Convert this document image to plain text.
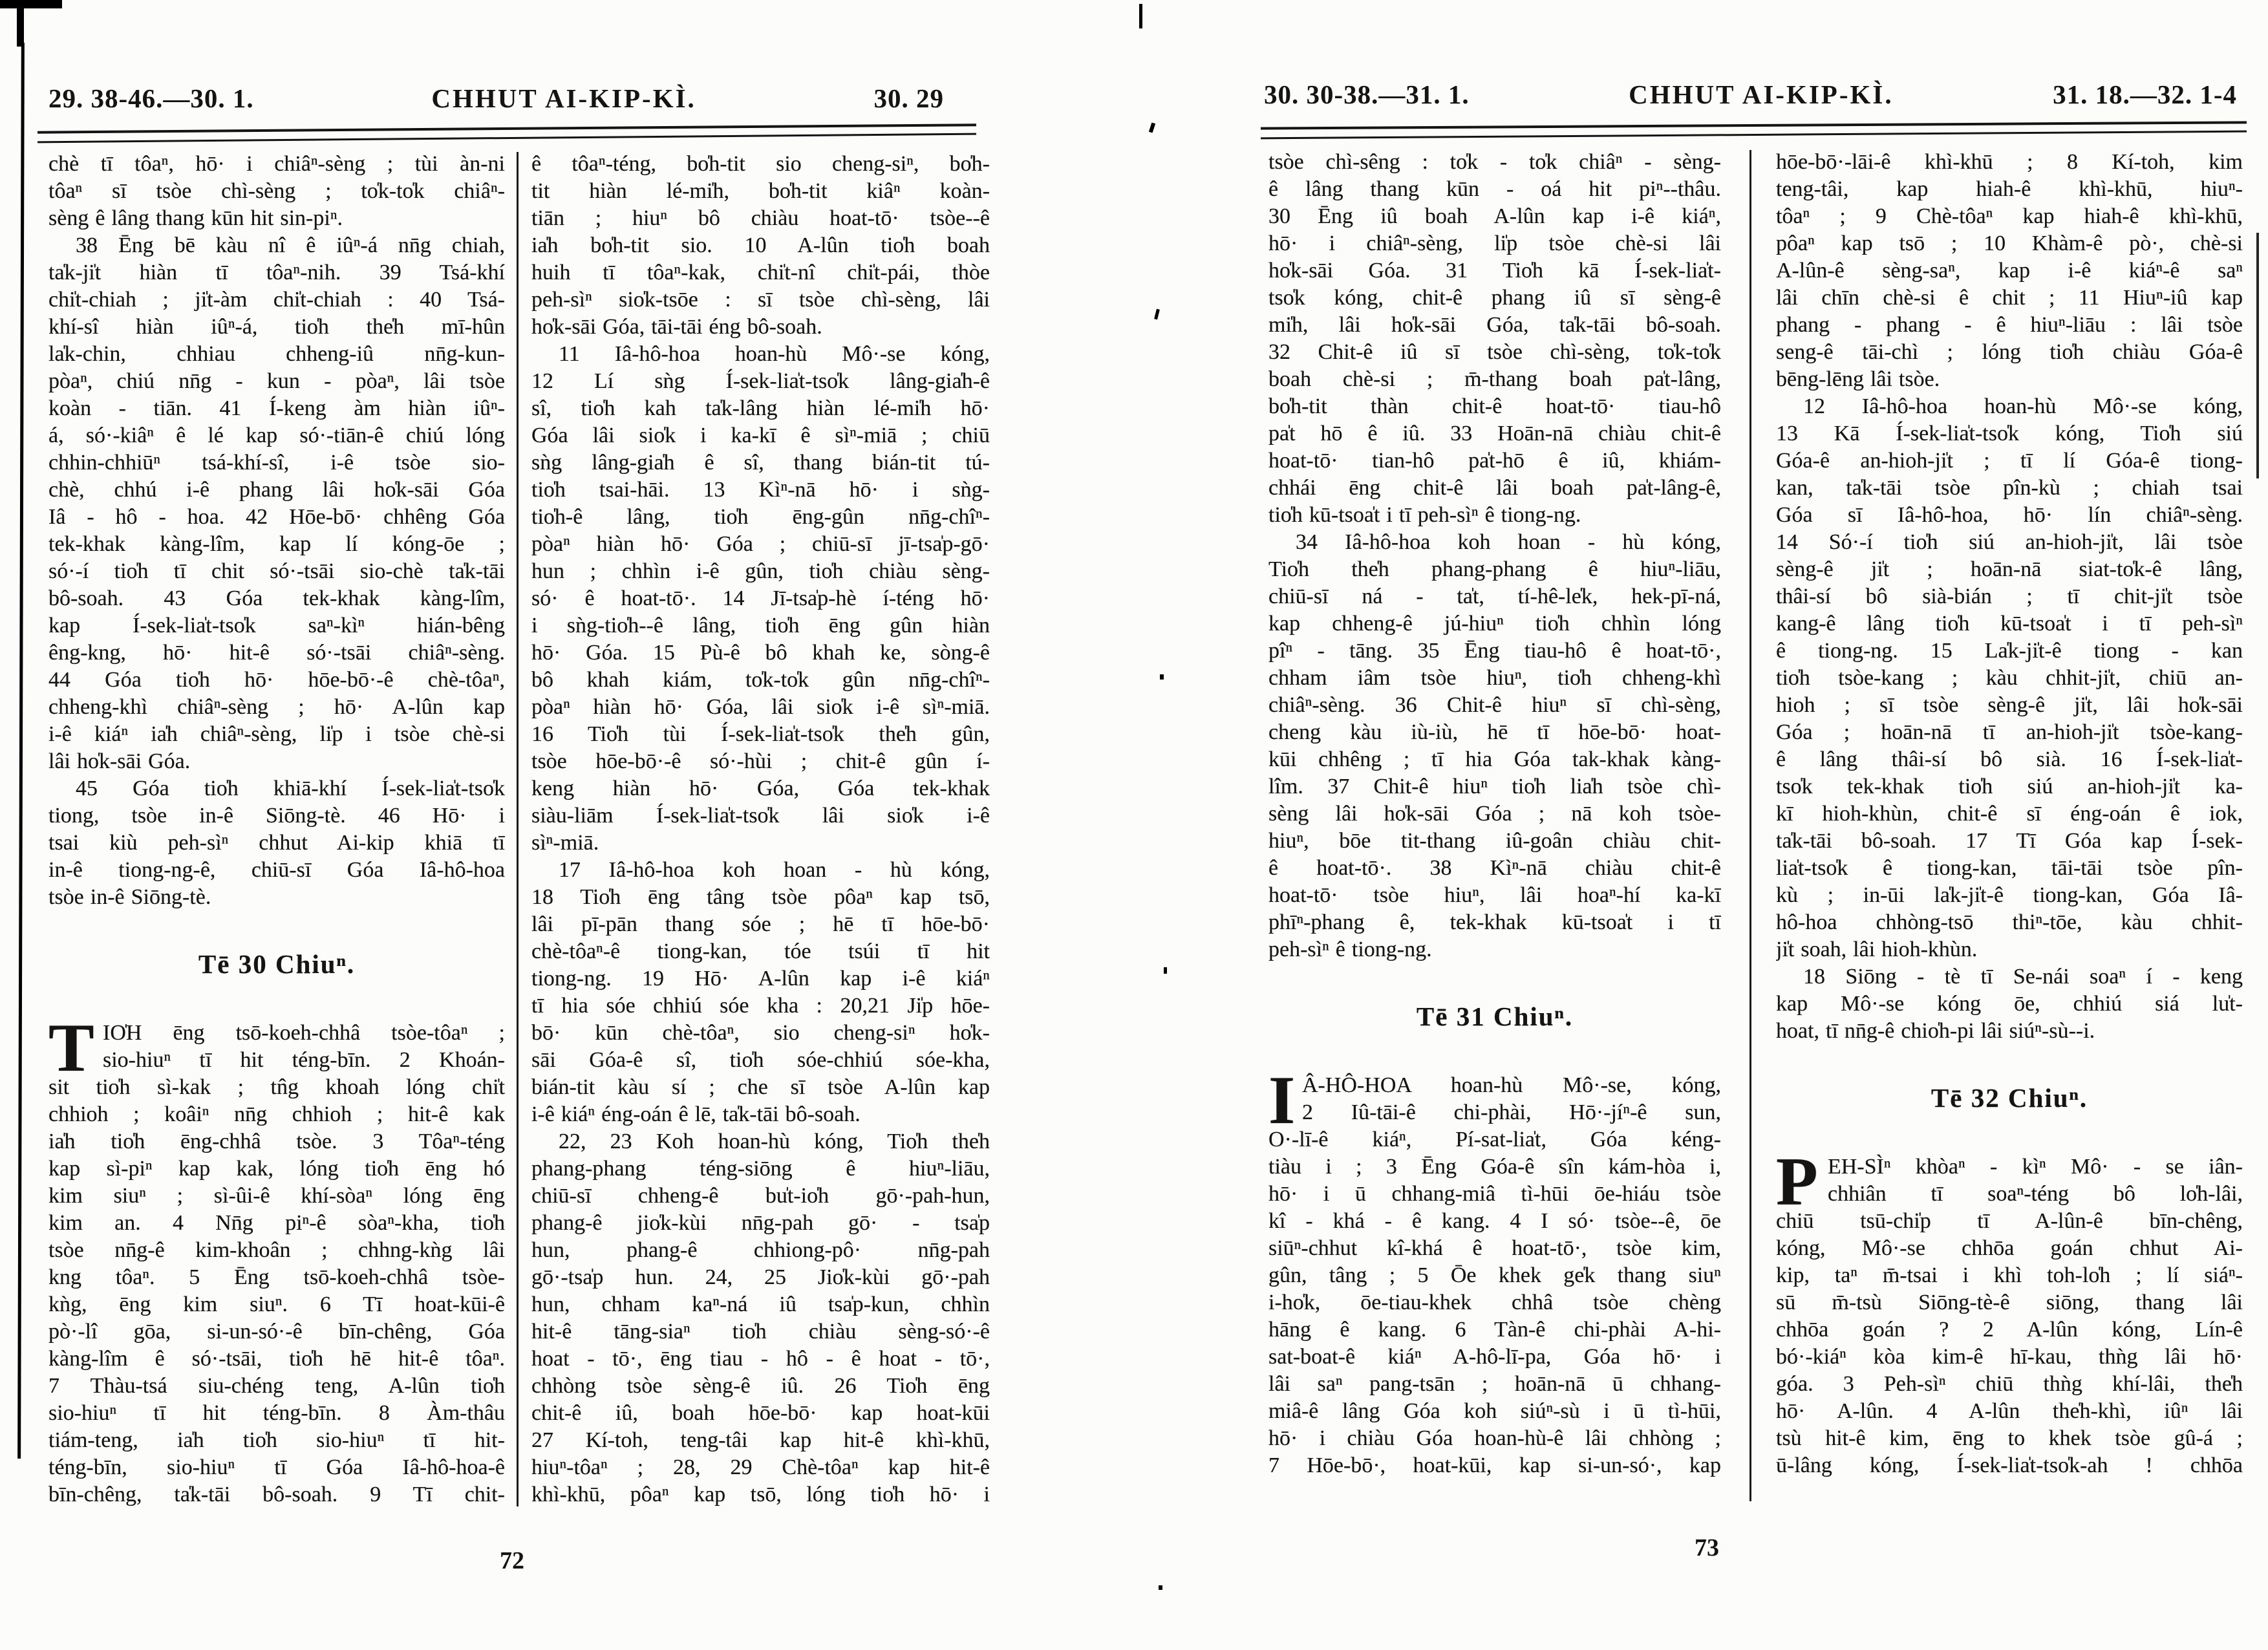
29. 38-46.—30. 1.	CHHUT AI-KIP-KÌ.	30. 29
chè tī tôaⁿ, hō· i chiâⁿ-sèng ; tùi àn-ni
tôaⁿ sī tsòe chì-sèng ; to̍k-to̍k chiâⁿ-
sèng ê lâng thang kūn hit sin-piⁿ.
38 Ēng bē kàu nî ê iûⁿ-á nn̄g chiah,
ta̍k-ji̍t hiàn tī tôaⁿ-nih. 39 Tsá-khí
chi̍t-chiah ; ji̍t-àm chi̍t-chiah : 40 Tsá-
khí-sî hiàn iûⁿ-á, tio̍h the̍h mī-hûn
la̍k-chin, chhiau chheng-iû nn̄g-kun-
pòaⁿ, chiú nn̄g - kun - pòaⁿ, lâi tsòe
koàn - tiān. 41 Í-keng àm hiàn iûⁿ-
á, só·-kiâⁿ ê lé kap só·-tiān-ê chiú lóng
chhin-chhiūⁿ tsá-khí-sî, i-ê tsòe sio-
chè, chhú i-ê phang lâi ho̍k-sāi Góa
Iâ - hô - hoa. 42 Hōe-bō· chhêng Góa
tek-khak kàng-lîm, kap lí kóng-ōe ;
só·-í tio̍h tī chit só·-tsāi sio-chè ta̍k-tāi
bô-soah. 43 Góa tek-khak kàng-lîm,
kap Í-sek-lia̍t-tso̍k saⁿ-kìⁿ hián-bêng
êng-kng, hō· hit-ê só·-tsāi chiâⁿ-sèng.
44 Góa tio̍h hō· hōe-bō·-ê chè-tôaⁿ,
chheng-khì chiâⁿ-sèng ; hō· A-lûn kap
i-ê kiáⁿ ia̍h chiâⁿ-sèng, li̍p i tsòe chè-si
lâi ho̍k-sāi Góa.
45 Góa tio̍h khiā-khí Í-sek-lia̍t-tso̍k
tiong, tsòe in-ê Siōng-tè. 46 Hō· i
tsai kiù peh-sìⁿ chhut Ai-kip khiā tī
in-ê tiong-ng-ê, chiū-sī Góa Iâ-hô-hoa
tsòe in-ê Siōng-tè.
Tē 30 Chiuⁿ.
T IO̍H ēng tsō-koeh-chhâ tsòe-tôaⁿ ;
sio-hiuⁿ tī hit téng-bīn. 2 Khoán-
sit tio̍h sì-kak ; tn̂g khoah lóng chi̍t
chhioh ; koâiⁿ nn̄g chhioh ; hit-ê kak
ia̍h tio̍h ēng-chhâ tsòe. 3 Tôaⁿ-téng
kap sì-piⁿ kap kak, lóng tio̍h ēng hó
kim siuⁿ ; sì-ûi-ê khí-sòaⁿ lóng ēng
kim an. 4 Nn̄g piⁿ-ê sòaⁿ-kha, tio̍h
tsòe nn̄g-ê kim-khoân ; chhng-kǹg lâi
kng tôaⁿ. 5 Ēng tsō-koeh-chhâ tsòe-
kǹg, ēng kim siuⁿ. 6 Tī hoat-kūi-ê
pò·-lî gōa, si-un-só·-ê bīn-chêng, Góa
kàng-lîm ê só·-tsāi, tio̍h hē hit-ê tôaⁿ.
7 Thàu-tsá siu-chéng teng, A-lûn tio̍h
sio-hiuⁿ tī hit téng-bīn. 8 Àm-thâu
tiám-teng, ia̍h tio̍h sio-hiuⁿ tī hit-
téng-bīn, sio-hiuⁿ tī Góa Iâ-hô-hoa-ê
bīn-chêng, ta̍k-tāi bô-soah. 9 Tī chit-
ê tôaⁿ-téng, bo̍h-tit sio cheng-siⁿ, bo̍h-
tit hiàn lé-mi̍h, bo̍h-tit kiâⁿ koàn-
tiān ; hiuⁿ bô chiàu hoat-tō· tsòe--ê
ia̍h bo̍h-tit sio. 10 A-lûn tio̍h boah
huih tī tôaⁿ-kak, chi̍t-nî chi̍t-pái, thòe
peh-sìⁿ sio̍k-tsōe : sī tsòe chì-sèng, lâi
ho̍k-sāi Góa, tāi-tāi éng bô-soah.
11 Iâ-hô-hoa hoan-hù Mô·-se kóng,
12 Lí sǹg Í-sek-lia̍t-tso̍k lâng-gia̍h-ê
sî, tio̍h kah ta̍k-lâng hiàn lé-mi̍h hō·
Góa lâi sio̍k i ka-kī ê sìⁿ-miā ; chiū
sǹg lâng-gia̍h ê sî, thang bián-tit tú-
tio̍h tsai-hāi. 13 Kìⁿ-nā hō· i sǹg-
tio̍h-ê lâng, tio̍h ēng-gûn nn̄g-chîⁿ-
pòaⁿ hiàn hō· Góa ; chiū-sī jī-tsa̍p-gō·
hun ; chhìn i-ê gûn, tio̍h chiàu sèng-
só· ê hoat-tō·. 14 Jī-tsa̍p-hè í-téng hō·
i sǹg-tio̍h--ê lâng, tio̍h ēng gûn hiàn
hō· Góa. 15 Pù-ê bô khah ke, sòng-ê
bô khah kiám, to̍k-to̍k gûn nn̄g-chîⁿ-
pòaⁿ hiàn hō· Góa, lâi sio̍k i-ê sìⁿ-miā.
16 Tio̍h tùi Í-sek-lia̍t-tso̍k the̍h gûn,
tsòe hōe-bō·-ê só·-hùi ; chit-ê gûn í-
keng hiàn hō· Góa, Góa tek-khak
siàu-liām Í-sek-lia̍t-tso̍k lâi sio̍k i-ê
sìⁿ-miā.
17 Iâ-hô-hoa koh hoan - hù kóng,
18 Tio̍h ēng tâng tsòe pôaⁿ kap tsō,
lâi pī-pān thang sóe ; hē tī hōe-bō·
chè-tôaⁿ-ê tiong-kan, tóe tsúi tī hit
tiong-ng. 19 Hō· A-lûn kap i-ê kiáⁿ
tī hia sóe chhiú sóe kha : 20,21 Ji̍p hōe-
bō· kūn chè-tôaⁿ, sio cheng-siⁿ ho̍k-
sāi Góa-ê sî, tio̍h sóe-chhiú sóe-kha,
bián-tit kàu sí ; che sī tsòe A-lûn kap
i-ê kiáⁿ éng-oán ê lē, ta̍k-tāi bô-soah.
22, 23 Koh hoan-hù kóng, Tio̍h the̍h
phang-phang téng-siōng ê hiuⁿ-liāu,
chiū-sī chheng-ê bu̍t-io̍h gō·-pah-hun,
phang-ê jio̍k-kùi nn̄g-pah gō· - tsa̍p
hun, phang-ê chhiong-pô· nn̄g-pah
gō·-tsa̍p hun. 24, 25 Jio̍k-kùi gō·-pah
hun, chham kaⁿ-ná iû tsa̍p-kun, chhìn
hit-ê tāng-siaⁿ tio̍h chiàu sèng-só·-ê
hoat - tō·, ēng tiau - hô - ê hoat - tō·,
chhòng tsòe sèng-ê iû. 26 Tio̍h ēng
chit-ê iû, boah hōe-bō· kap hoat-kūi
27 Kí-toh, teng-tâi kap hit-ê khì-khū,
hiuⁿ-tôaⁿ ; 28, 29 Chè-tôaⁿ kap hit-ê
khì-khū, pôaⁿ kap tsō, lóng tio̍h hō· i
72
30. 30-38.—31. 1.	CHHUT AI-KIP-KÌ.	31. 18.—32. 1-4
tsòe chì-sêng : to̍k - to̍k chiâⁿ - sèng-
ê lâng thang kūn - oá hit piⁿ--thâu.
30 Ēng iû boah A-lûn kap i-ê kiáⁿ,
hō· i chiâⁿ-sèng, li̍p tsòe chè-si lâi
ho̍k-sāi Góa. 31 Tio̍h kā Í-sek-lia̍t-
tso̍k kóng, chit-ê phang iû sī sèng-ê
mi̍h, lâi ho̍k-sāi Góa, ta̍k-tāi bô-soah.
32 Chit-ê iû sī tsòe chì-sèng, to̍k-to̍k
boah chè-si ; m̄-thang boah pa̍t-lâng,
bo̍h-tit thàn chit-ê hoat-tō· tiau-hô
pa̍t hō ê iû. 33 Hoān-nā chiàu chit-ê
hoat-tō· tian-hô pa̍t-hō ê iû, khiám-
chhái ēng chit-ê lâi boah pa̍t-lâng-ê,
tio̍h kū-tsoa̍t i tī peh-sìⁿ ê tiong-ng.
34 Iâ-hô-hoa koh hoan - hù kóng,
Tio̍h the̍h phang-phang ê hiuⁿ-liāu,
chiū-sī ná - ta̍t, tí-hê-le̍k, hek-pī-ná,
kap chheng-ê jú-hiuⁿ tio̍h chhìn lóng
pîⁿ - tāng. 35 Ēng tiau-hô ê hoat-tō·,
chham iâm tsòe hiuⁿ, tio̍h chheng-khì
chiâⁿ-sèng. 36 Chit-ê hiuⁿ sī chì-sèng,
cheng kàu iù-iù, hē tī hōe-bō· hoat-
kūi chhêng ; tī hia Góa tak-khak kàng-
lîm. 37 Chit-ê hiuⁿ tio̍h lia̍h tsòe chì-
sèng lâi ho̍k-sāi Góa ; nā koh tsòe-
hiuⁿ, bōe tit-thang iû-goân chiàu chit-
ê hoat-tō·. 38 Kìⁿ-nā chiàu chit-ê
hoat-tō· tsòe hiuⁿ, lâi hoaⁿ-hí ka-kī
phīⁿ-phang ê, tek-khak kū-tsoa̍t i tī
peh-sìⁿ ê tiong-ng.
Tē 31 Chiuⁿ.
I Â-HÔ-HOA hoan-hù Mô·-se, kóng,
2 Iû-tāi-ê chi-phài, Hō·-jíⁿ-ê sun,
O·-lī-ê kiáⁿ, Pí-sat-lia̍t, Góa kéng-
tiàu i ; 3 Ēng Góa-ê sîn kám-hòa i,
hō· i ū chhang-miâ tì-hūi ōe-hiáu tsòe
kî - khá - ê kang. 4 I só· tsòe--ê, ōe
siūⁿ-chhut kî-khá ê hoat-tō·, tsòe kim,
gûn, tâng ; 5 Ōe khek ge̍k thang siuⁿ
i-ho̍k, ōe-tiau-khek chhâ tsòe chèng
hāng ê kang. 6 Tàn-ê chi-phài A-hi-
sat-boat-ê kiáⁿ A-hô-lī-pa, Góa hō· i
lâi saⁿ pang-tsān ; hoān-nā ū chhang-
miâ-ê lâng Góa koh siúⁿ-sù i ū tì-hūi,
hō· i chiàu Góa hoan-hù-ê lâi chhòng ;
7 Hōe-bō·, hoat-kūi, kap si-un-só·, kap
hōe-bō·-lāi-ê khì-khū ; 8 Kí-toh, kim
teng-tâi, kap hiah-ê khì-khū, hiuⁿ-
tôaⁿ ; 9 Chè-tôaⁿ kap hiah-ê khì-khū,
pôaⁿ kap tsō ; 10 Khàm-ê pò·, chè-si
A-lûn-ê sèng-saⁿ, kap i-ê kiáⁿ-ê saⁿ
lâi chīn chè-si ê chit ; 11 Hiuⁿ-iû kap
phang - phang - ê hiuⁿ-liāu : lâi tsòe
seng-ê tāi-chì ; lóng tio̍h chiàu Góa-ê
bēng-lēng lâi tsòe.
12 Iâ-hô-hoa hoan-hù Mô·-se kóng,
13 Kā Í-sek-lia̍t-tso̍k kóng, Tio̍h siú
Góa-ê an-hioh-ji̍t ; tī lí Góa-ê tiong-
kan, ta̍k-tāi tsòe pîn-kù ; chiah tsai
Góa sī Iâ-hô-hoa, hō· lín chiâⁿ-sèng.
14 Só·-í tio̍h siú an-hioh-ji̍t, lâi tsòe
sèng-ê ji̍t ; hoān-nā siat-to̍k-ê lâng,
thâi-sí bô sià-bián ; tī chit-ji̍t tsòe
kang-ê lâng tio̍h kū-tsoa̍t i tī peh-sìⁿ
ê tiong-ng. 15 La̍k-ji̍t-ê tiong - kan
tio̍h tsòe-kang ; kàu chhit-ji̍t, chiū an-
hioh ; sī tsòe sèng-ê ji̍t, lâi ho̍k-sāi
Góa ; hoān-nā tī an-hioh-ji̍t tsòe-kang-
ê lâng thâi-sí bô sià. 16 Í-sek-lia̍t-
tso̍k tek-khak tio̍h siú an-hioh-ji̍t ka-
kī hioh-khùn, chit-ê sī éng-oán ê iok,
ta̍k-tāi bô-soah. 17 Tī Góa kap Í-sek-
lia̍t-tso̍k ê tiong-kan, tāi-tāi tsòe pîn-
kù ; in-ūi la̍k-ji̍t-ê tiong-kan, Góa Iâ-
hô-hoa chhòng-tsō thiⁿ-tōe, kàu chhit-
ji̍t soah, lâi hioh-khùn.
18 Siōng - tè tī Se-nái soaⁿ í - keng
kap Mô·-se kóng ōe, chhiú siá lu̍t-
hoat, tī nn̄g-ê chio̍h-pi lâi siúⁿ-sù--i.
Tē 32 Chiuⁿ.
P EH-SÌⁿ khòaⁿ - kìⁿ Mô· - se iân-
chhiân tī soaⁿ-téng bô lo̍h-lâi,
chiū tsū-chi̍p tī A-lûn-ê bīn-chêng,
kóng, Mô·-se chhōa goán chhut Ai-
kip, taⁿ m̄-tsai i khì toh-lo̍h ; lí siáⁿ-
sū m̄-tsù Siōng-tè-ê siōng, thang lâi
chhōa goán ? 2 A-lûn kóng, Lín-ê
bó·-kiáⁿ kòa kim-ê hī-kau, thǹg lâi hō·
góa. 3 Peh-sìⁿ chiū thǹg khí-lâi, the̍h
hō· A-lûn. 4 A-lûn the̍h-khì, iûⁿ lâi
tsù hit-ê kim, ēng to khek tsòe gû-á ;
ū-lâng kóng, Í-sek-lia̍t-tso̍k-ah ! chhōa
73
